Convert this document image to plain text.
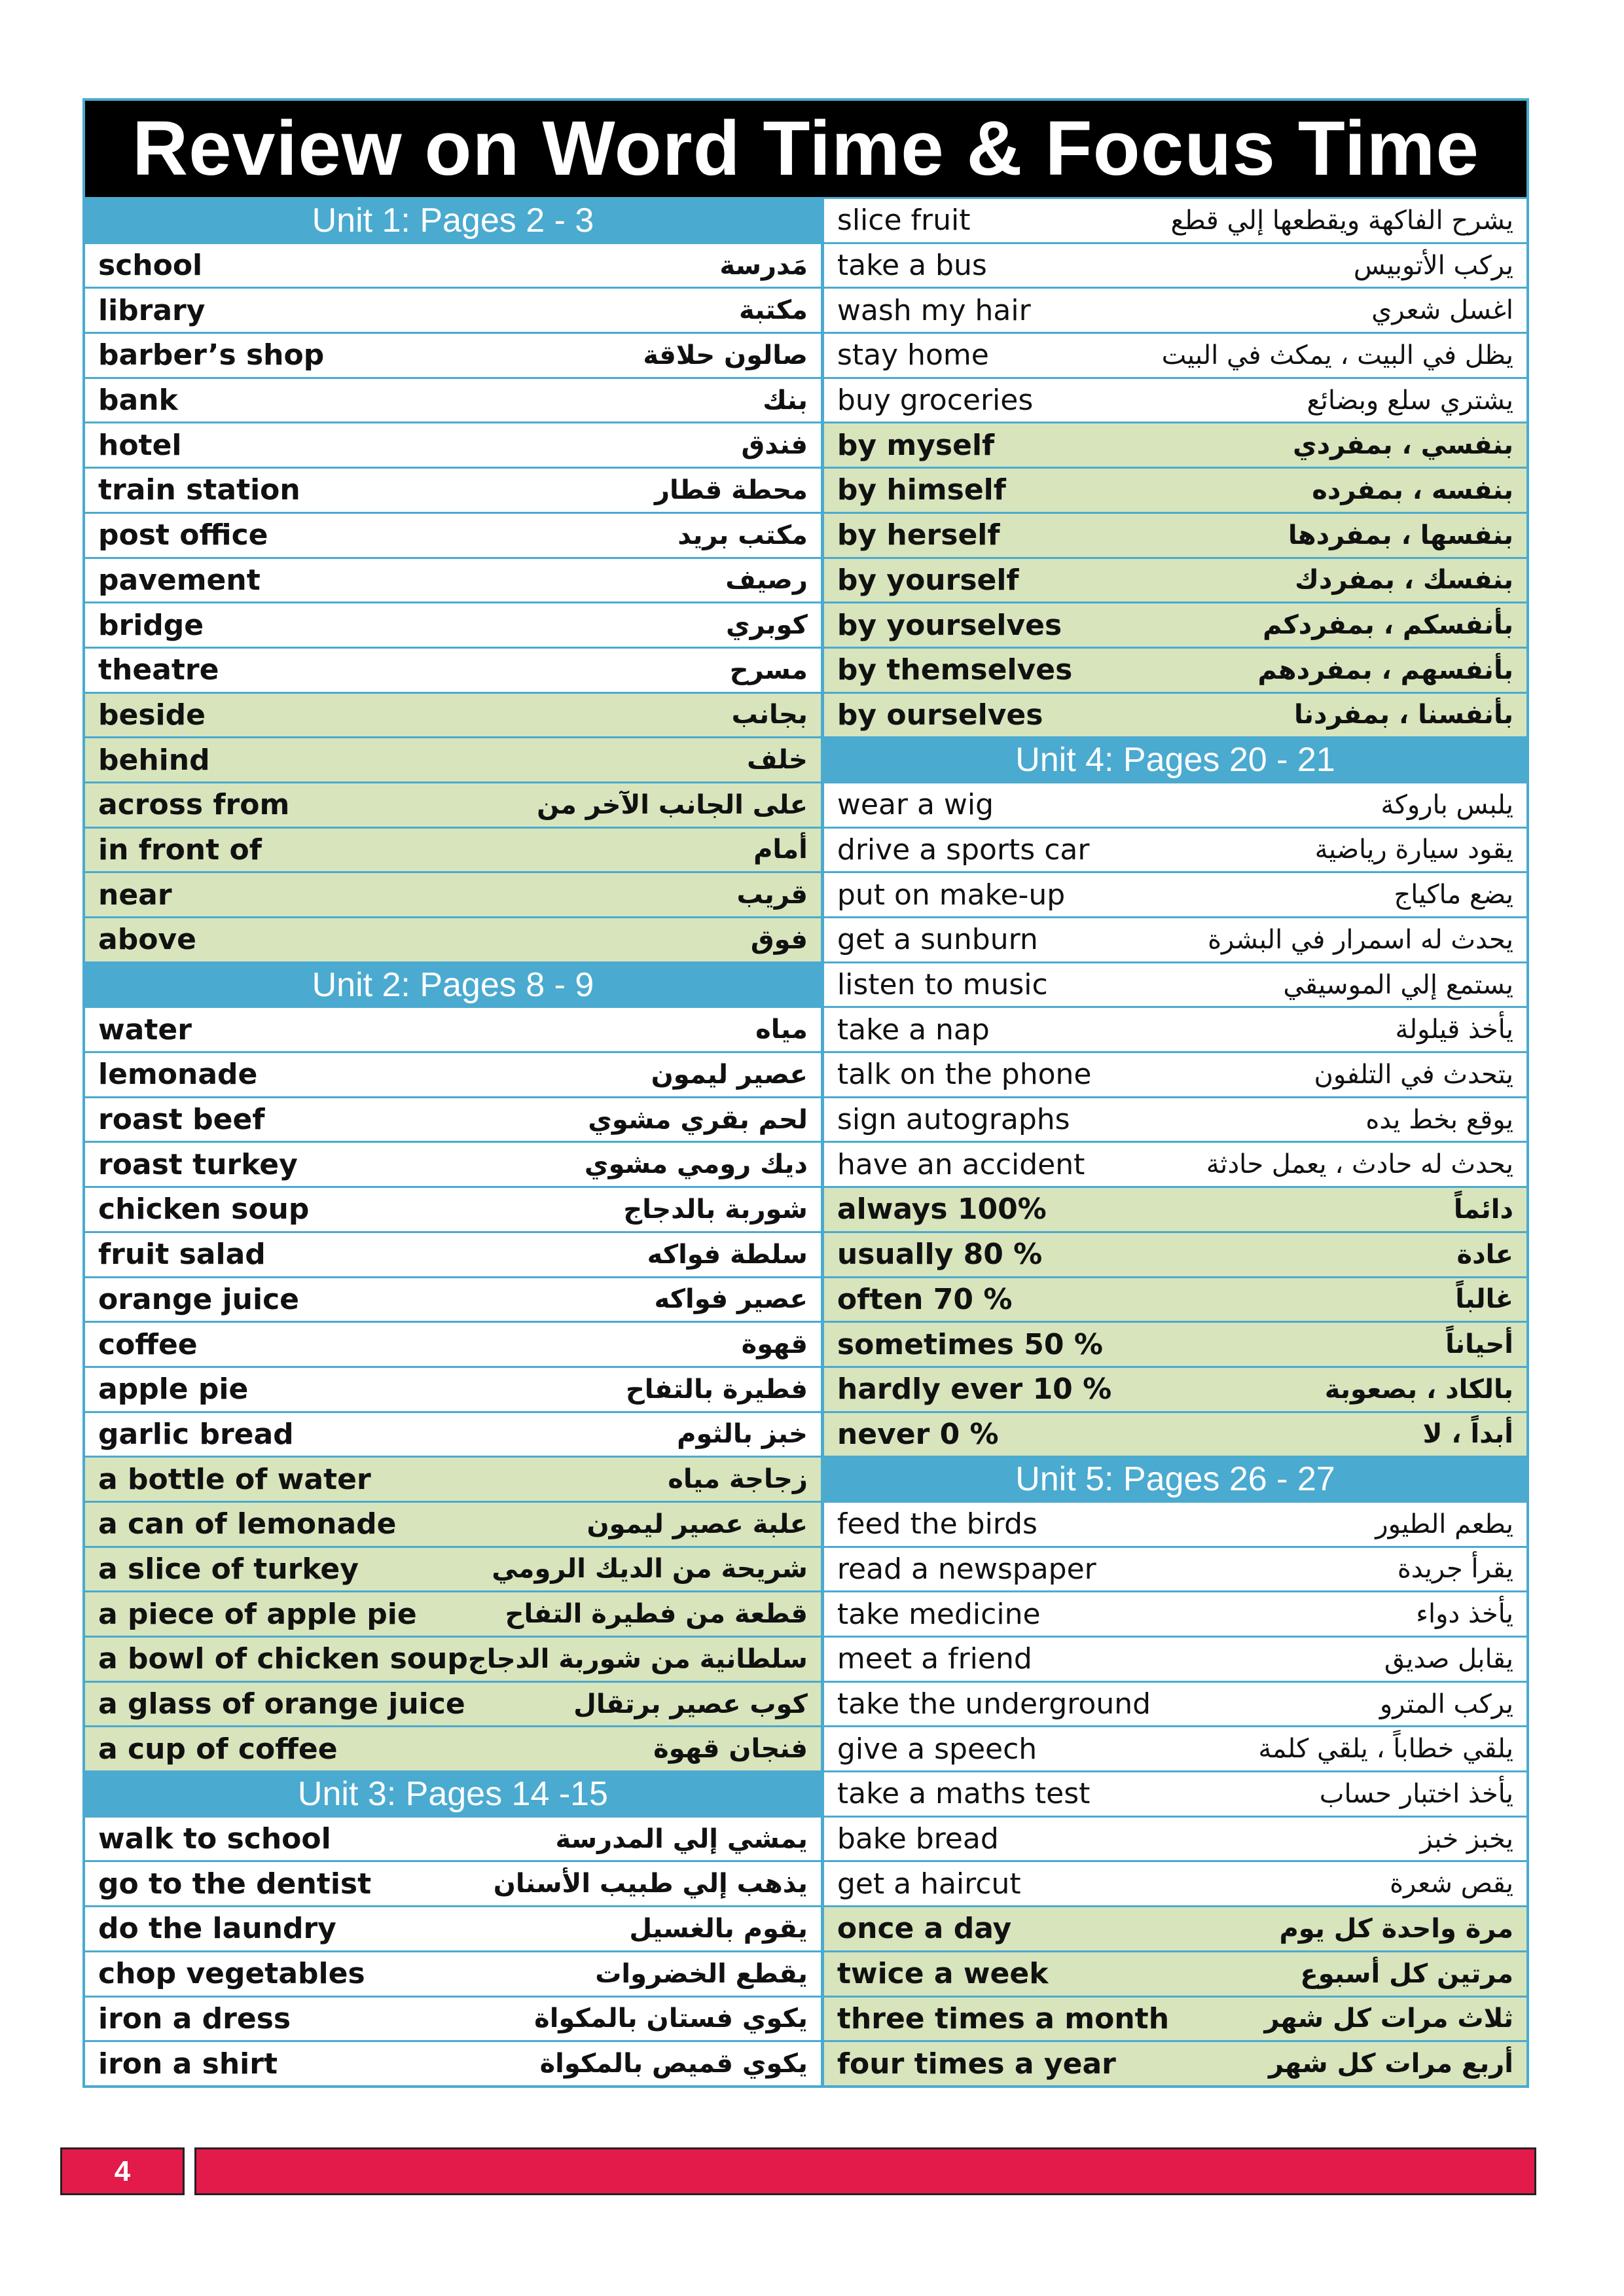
Review on Word Time & Focus Time
Unit 1: Pages 2 - 3
school	مَدرسة
library	مكتبة
barber’s shop	صالون حلاقة
bank	بنك
hotel	فندق
train station	محطة قطار
post office	مكتب بريد
pavement	رصيف
bridge	كوبري
theatre	مسرح
beside	بجانب
behind	خلف
across from	على الجانب الآخر من
in front of	أمام
near	قريب
above	فوق
Unit 2: Pages 8 - 9
water	مياه
lemonade	عصير ليمون
roast beef	لحم بقري مشوي
roast turkey	ديك رومي مشوي
chicken soup	شوربة بالدجاج
fruit salad	سلطة فواكه
orange juice	عصير فواكه
coffee	قهوة
apple pie	فطيرة بالتفاح
garlic bread	خبز بالثوم
a bottle of water	زجاجة مياه
a can of lemonade	علبة عصير ليمون
a slice of turkey	شريحة من الديك الرومي
a piece of apple pie	قطعة من فطيرة التفاح
a bowl of chicken soup سلطانية من شوربة الدجاج
a glass of orange juice	كوب عصير برتقال
a cup of coffee	فنجان قهوة
Unit 3: Pages 14 -15
walk to school	يمشي إلي المدرسة
go to the dentist	يذهب إلي طبيب الأسنان
do the laundry	يقوم بالغسيل
chop vegetables	يقطع الخضروات
iron a dress	يكوي فستان بالمكواة
iron a shirt	يكوي قميص بالمكواة
slice fruit	يشرح الفاكهة ويقطعها إلي قطع
take a bus	يركب الأتوبيس
wash my hair	اغسل شعري
stay home	يظل في البيت ، يمكث في البيت
buy groceries	يشتري سلع وبضائع
by myself	بنفسي ، بمفردي
by himself	بنفسه ، بمفرده
by herself	بنفسها ، بمفردها
by yourself	بنفسك ، بمفردك
by yourselves	بأنفسكم ، بمفردكم
by themselves	بأنفسهم ، بمفردهم
by ourselves	بأنفسنا ، بمفردنا
Unit 4: Pages 20 - 21
wear a wig	يلبس باروكة
drive a sports car	يقود سيارة رياضية
put on make-up	يضع ماكياج
get a sunburn	يحدث له اسمرار في البشرة
listen to music	يستمع إلي الموسيقي
take a nap	يأخذ قيلولة
talk on the phone	يتحدث في التلفون
sign autographs	يوقع بخط يده
have an accident	يحدث له حادث ، يعمل حادثة
always 100%	دائماً
usually 80 %	عادة
often 70 %	غالباً
sometimes 50 %	أحياناً
hardly ever 10 %	بالكاد ، بصعوبة
never 0 %	أبداً ، لا
Unit 5: Pages 26 - 27
feed the birds	يطعم الطيور
read a newspaper	يقرأ جريدة
take medicine	يأخذ دواء
meet a friend	يقابل صديق
take the underground	يركب المترو
give a speech	يلقي خطاباً ، يلقي كلمة
take a maths test	يأخذ اختبار حساب
bake bread	يخبز خبز
get a haircut	يقص شعرة
once a day	مرة واحدة كل يوم
twice a week	مرتين كل أسبوع
three times a month	ثلاث مرات كل شهر
four times a year	أربع مرات كل شهر
4
